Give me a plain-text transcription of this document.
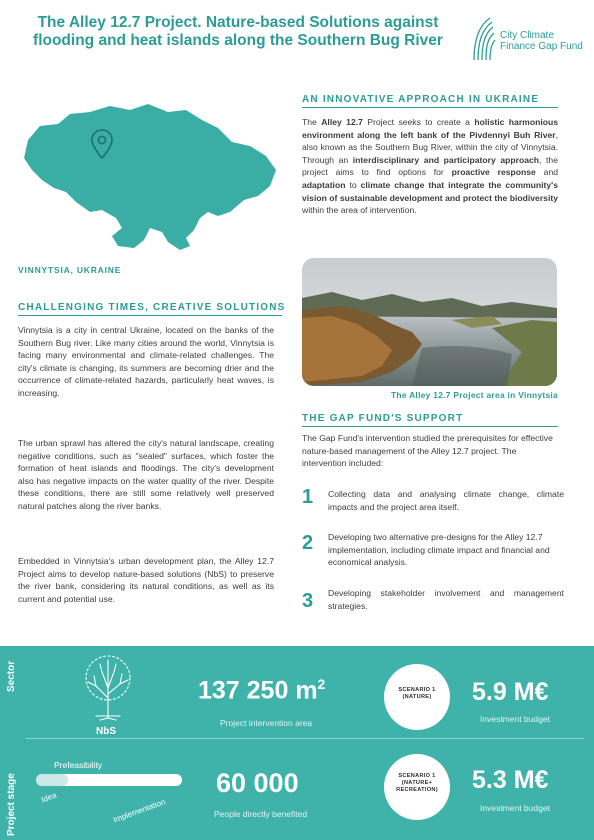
The Alley 12.7 Project. Nature-based Solutions against flooding and heat islands along the Southern Bug River	City Climate
Finance Gap Fund
VINNYTSIA, UKRAINE
AN INNOVATIVE APPROACH IN UKRAINE
The Alley 12.7 Project seeks to create a holistic harmonious environment along the left bank of the Pivdennyi Buh River, also known as the Southern Bug River, within the city of Vinnytsia. Through an interdisciplinary and participatory approach, the project aims to find options for proactive response and adaptation to climate change that integrate the community's vision of sustainable development and protect the biodiversity within the area of intervention.
The Alley 12.7 Project area in Vinnytsia
THE GAP FUND'S SUPPORT
The Gap Fund's intervention studied the prerequisites for effective nature-based management of the Alley 12.7 project. The intervention included:
1 Collecting data and analysing climate change, climate impacts and the project area itself.
2 Developing two alternative pre-designs for the Alley 12.7 implementation, including climate impact and financial and economical analysis.
3 Developing stakeholder involvement and management strategies.
CHALLENGING TIMES, CREATIVE SOLUTIONS
Vinnytsia is a city in central Ukraine, located on the banks of the Southern Bug river. Like many cities around the world, Vinnytsia is facing many environmental and climate-related challenges. The city's climate is changing, its summers are becoming drier and the occurrence of climate-related hazards, particularly heat waves, is increasing.
The urban sprawl has altered the city's natural landscape, creating negative conditions, such as "sealed" surfaces, which foster the formation of heat islands and floodings. The city's development also has negative impacts on the water quality of the river. Despite these conditions, there are still some relatively well preserved natural patches along the river banks.
Embedded in Vinnytsia's urban development plan, the Alley 12.7 Project aims to develop nature-based solutions (NbS) to preserve the river bank, considering its natural conditions, as well as its current and potential use.
Sector
Project stage
NbS
137 250 $m^2$
Project intervention area
60 000
People directly benefited
Prefeasibility
Idea	Implementation
SCENARIO 1
(NATURE)	5.9 M€
Investment budget
SCENARIO 1
(NATURE+
RECREATION)	5.3 M€
Investment budget
